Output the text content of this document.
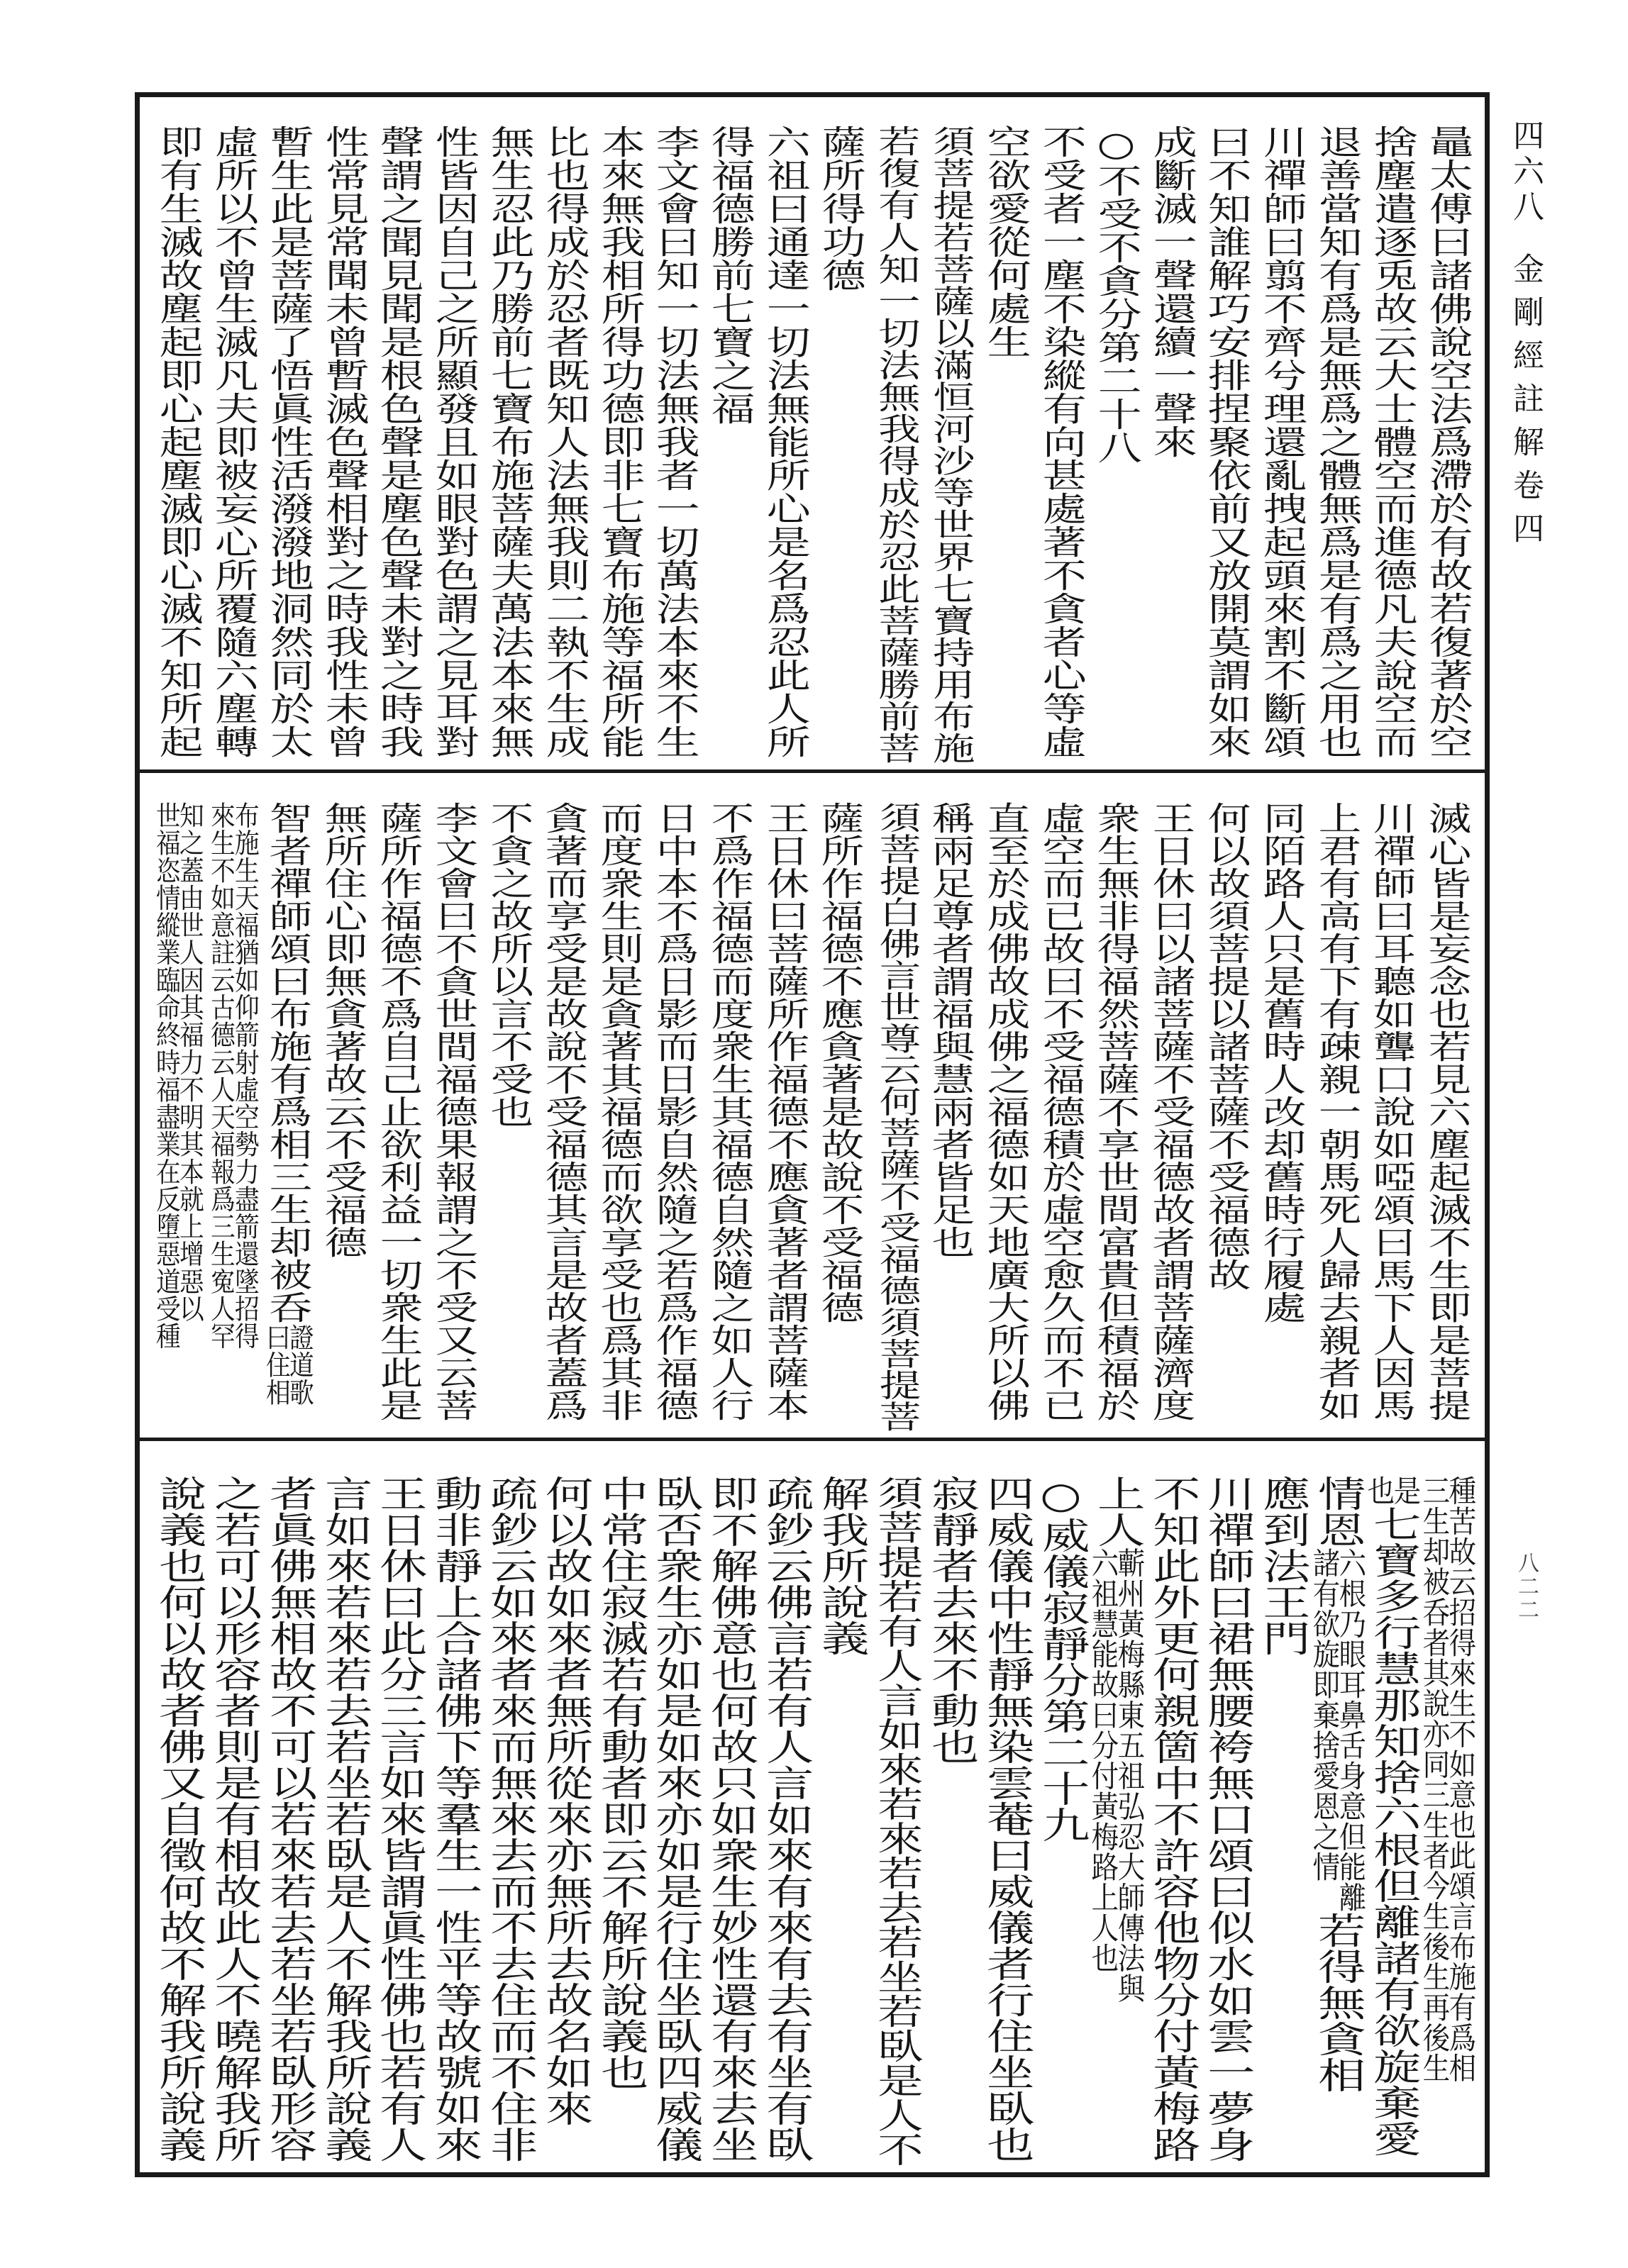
四六八
金剛經註解卷四
八二二
鼂太傅曰諸佛說空法爲滯於有故若復著於空
捨塵遣逐兎故云大士體空而進德凡夫說空而
退善當知有爲是無爲之體無爲是有爲之用也
川禪師曰翦不齊兮理還亂拽起頭來割不斷頌
曰不知誰解巧安排捏聚依前又放開莫謂如來
成斷滅一聲還續一聲來
○不受不貪分第二十八
不受者一塵不染縱有向甚處著不貪者心等虛
空欲愛從何處生
須菩提若菩薩以滿恒河沙等世界七寶持用布施
若復有人知一切法無我得成於忍此菩薩勝前菩
薩所得功德
六祖曰通達一切法無能所心是名爲忍此人所
得福德勝前七寶之福
李文會曰知一切法無我者一切萬法本來不生
本來無我相所得功德即非七寶布施等福所能
比也得成於忍者既知人法無我則二執不生成
無生忍此乃勝前七寶布施菩薩夫萬法本來無
性皆因自己之所顯發且如眼對色謂之見耳對
聲謂之聞見聞是根色聲是塵色聲未對之時我
性常見常聞未曾暫滅色聲相對之時我性未曾
暫生此是菩薩了悟眞性活潑潑地洞然同於太
虛所以不曾生滅凡夫即被妄心所覆隨六塵轉
即有生滅故塵起即心起塵滅即心滅不知所起
滅心皆是妄念也若見六塵起滅不生即是菩提
川禪師曰耳聽如聾口說如啞頌曰馬下人因馬
上君有高有下有疎親一朝馬死人歸去親者如
同陌路人只是舊時人改却舊時行履處
何以故須菩提以諸菩薩不受福德故
王日休曰以諸菩薩不受福德故者謂菩薩濟度
衆生無非得福然菩薩不享世間富貴但積福於
虛空而已故曰不受福德積於虛空愈久而不已
直至於成佛故成佛之福德如天地廣大所以佛
稱兩足尊者謂福與慧兩者皆足也
須菩提白佛言世尊云何菩薩不受福德須菩提菩
薩所作福德不應貪著是故說不受福德
王日休曰菩薩所作福德不應貪著者謂菩薩本
不爲作福德而度衆生其福德自然隨之如人行
日中本不爲日影而日影自然隨之若爲作福德
而度衆生則是貪著其福德而欲享受也爲其非
貪著而享受是故說不受福德其言是故者蓋爲
不貪之故所以言不受也
李文會曰不貪世間福德果報謂之不受又云菩
薩所作福德不爲自己止欲利益一切衆生此是
無所住心即無貪著故云不受福德
智者禪師頌曰布施有爲相三生却被呑
證道歌
曰住相
布施生天福猶如仰箭射虛空勢力盡箭還墜招得
來生不如意註云古德云人天福報爲三生寃人罕
知之蓋由世人因其福力不明其本就上增惡以
世福恣情縱業臨命終時福盡業在反墮惡道受種
種苦故云招得來生不如意也此頌言布施有爲相
三生却被呑者其說亦同三生者今生後生再後生
是
也
七寶多行慧那知捨六根但離諸有欲旋棄愛
情恩
六根乃眼耳鼻舌身意但能離
諸有欲旋即棄捨愛恩之情
若得無貪相
應到法王門
川禪師曰裙無腰袴無口頌曰似水如雲一夢身
不知此外更何親箇中不許容他物分付黃梅路
上人
蘄州黃梅縣東五祖弘忍大師傳法與
六祖慧能故曰分付黃梅路上人也
○威儀寂靜分第二十九
四威儀中性靜無染雲菴曰威儀者行住坐臥也
寂靜者去來不動也
須菩提若有人言如來若來若去若坐若臥是人不
解我所說義
疏鈔云佛言若有人言如來有來有去有坐有臥
即不解佛意也何故只如衆生妙性還有來去坐
臥否衆生亦如是如來亦如是行住坐臥四威儀
中常住寂滅若有動者即云不解所說義也
何以故如來者無所從來亦無所去故名如來
疏鈔云如來者來而無來去而不去住而不住非
動非靜上合諸佛下等羣生一性平等故號如來
王日休曰此分三言如來皆謂眞性佛也若有人
言如來若來若去若坐若臥是人不解我所說義
者眞佛無相故不可以若來若去若坐若臥形容
之若可以形容者則是有相故此人不曉解我所
說義也何以故者佛又自徵何故不解我所說義
